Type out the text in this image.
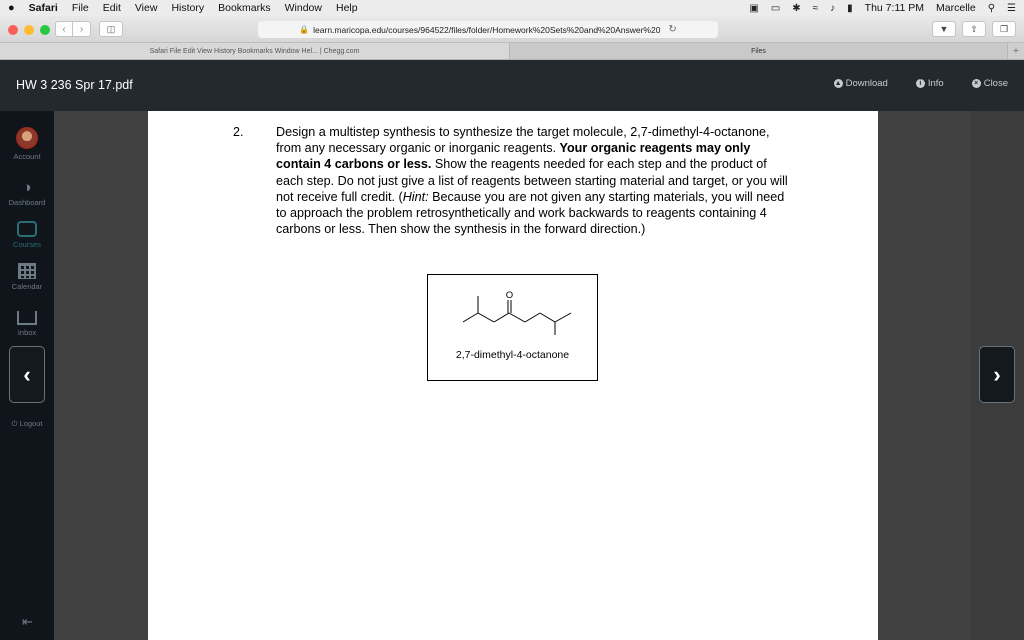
● Safari File Edit View History Bookmarks Window Help	▣ ▭ ✱ ≈ ♪ ▮ Thu 7:11 PM Marcelle ⚲ ☰
‹ ›	◫	🔒 learn.maricopa.edu/courses/964522/files/folder/Homework%20Sets%20and%20Answer%20 ↻	▼ ⇧ ❐
Safari File Edit View History Bookmarks Window Hel... | Chegg.com	Files	+
HW 3 236 Spr 17.pdf	▲ Download	i Info	× Close
Account
◑
Dashboard
Courses
Calendar
Inbox
⏻ Logout
⇤
2.	Design a multistep synthesis to synthesize the target molecule, 2,7-dimethyl-4-octanone, from any necessary organic or inorganic reagents. Your organic reagents may only contain 4 carbons or less. Show the reagents needed for each step and the product of each step. Do not just give a list of reagents between starting material and target, or you will not receive full credit. (Hint: Because you are not given any starting materials, you will need to approach the problem retrosynthetically and work backwards to reagents containing 4 carbons or less. Then show the synthesis in the forward direction.)
O
2,7-dimethyl-4-octanone
‹	›
